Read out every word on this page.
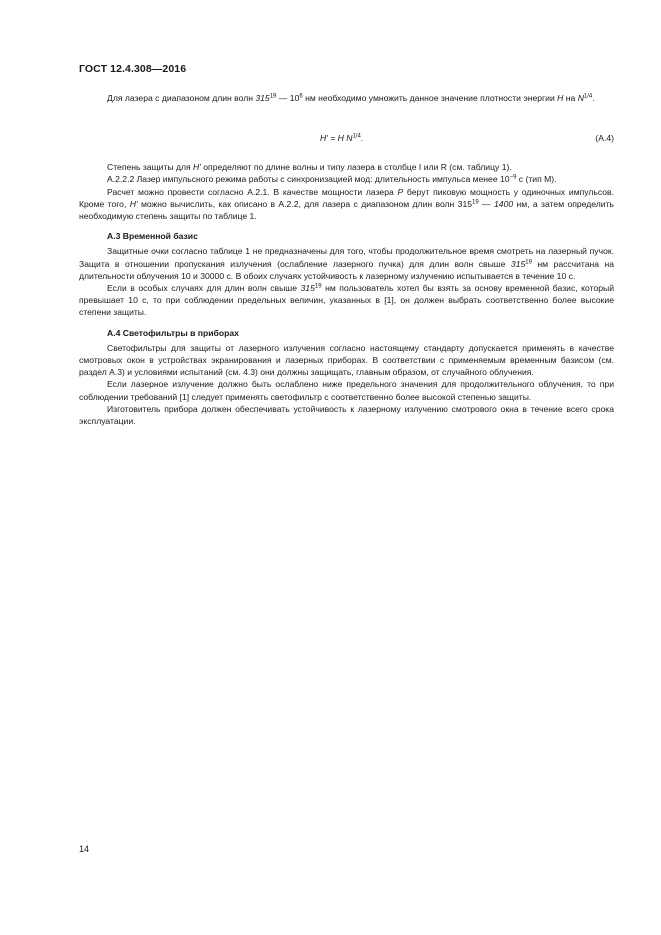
ГОСТ 12.4.308—2016

Для лазера с диапазоном длин волн $315^{19}$ — $10^6$ нм необходимо умножить данное значение плотности энергии H на $N^{1/4}$.

H' = H $N^{1/4}$.	(A.4)

Степень защиты для H' определяют по длине волны и типу лазера в столбце I или R (см. таблицу 1).

A.2.2.2 Лазер импульсного режима работы с синхронизацией мод: длительность импульса менее $10^{-9}$ с (тип M).

Расчет можно провести согласно А.2.1. В качестве мощности лазера P берут пиковую мощность у одиночных импульсов. Кроме того, H' можно вычислить, как описано в А.2.2, для лазера с диапазоном длин волн $315^{19}$ — 1400 нм, а затем определить необходимую степень защиты по таблице 1.

A.3 Временной базис

Защитные очки согласно таблице 1 не предназначены для того, чтобы продолжительное время смотреть на лазерный пучок. Защита в отношении пропускания излучения (ослабление лазерного пучка) для длин волн свыше $315^{19}$ нм рассчитана на длительности облучения 10 и 30000 с. В обоих случаях устойчивость к лазерному излучению испытывается в течение 10 с.

Если в особых случаях для длин волн свыше $315^{19}$ нм пользователь хотел бы взять за основу временной базис, который превышает 10 с, то при соблюдении предельных величин, указанных в [1], он должен выбрать соответственно более высокие степени защиты.

A.4 Светофильтры в приборах

Светофильтры для защиты от лазерного излучения согласно настоящему стандарту допускается применять в качестве смотровых окон в устройствах экранирования и лазерных приборах. В соответствии с применяемым временным базисом (см. раздел А.3) и условиями испытаний (см. 4.3) они должны защищать, главным образом, от случайного облучения.

Если лазерное излучение должно быть ослаблено ниже предельного значения для продолжительного облучения, то при соблюдении требований [1] следует применять светофильтр с соответственно более высокой степенью защиты.

Изготовитель прибора должен обеспечивать устойчивость к лазерному излучению смотрового окна в течение всего срока эксплуатации.

14
